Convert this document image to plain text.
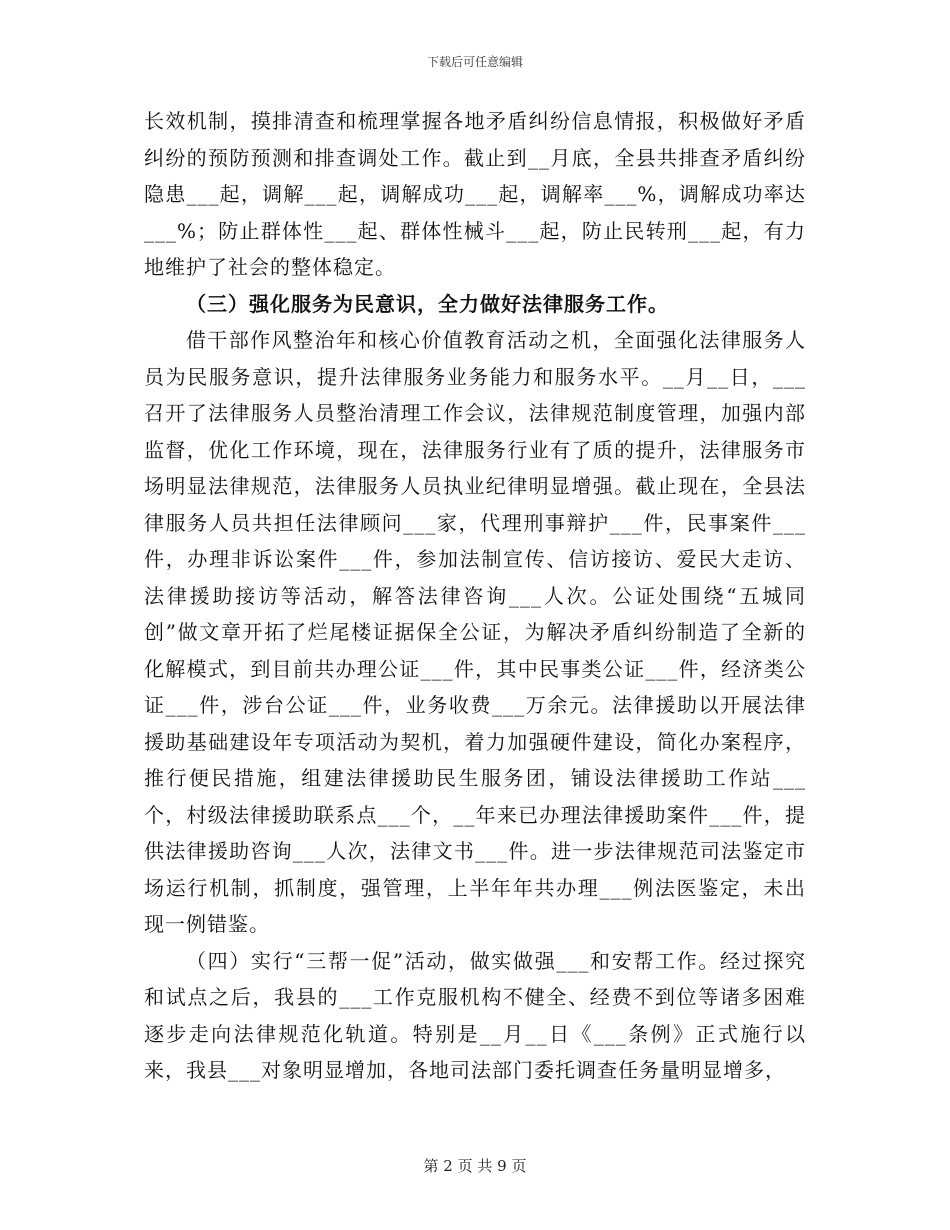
下载后可任意编辑

长效机制，摸排清查和梳理掌握各地矛盾纠纷信息情报，积极做好矛盾纠纷的预防预测和排查调处工作。截止到__月底，全县共排查矛盾纠纷隐患___起，调解___起，调解成功___起，调解率___%，调解成功率达___%；防止群体性___起、群体性械斗___起，防止民转刑___起，有力地维护了社会的整体稳定。

（三）强化服务为民意识，全力做好法律服务工作。

借干部作风整治年和核心价值教育活动之机，全面强化法律服务人员为民服务意识，提升法律服务业务能力和服务水平。__月__日，___召开了法律服务人员整治清理工作会议，法律规范制度管理，加强内部监督，优化工作环境，现在，法律服务行业有了质的提升，法律服务市场明显法律规范，法律服务人员执业纪律明显增强。截止现在，全县法律服务人员共担任法律顾问___家，代理刑事辩护___件，民事案件___件，办理非诉讼案件___件，参加法制宣传、信访接访、爱民大走访、法律援助接访等活动，解答法律咨询___人次。公证处围绕“五城同创”做文章开拓了烂尾楼证据保全公证，为解决矛盾纠纷制造了全新的化解模式，到目前共办理公证___件，其中民事类公证___件，经济类公证___件，涉台公证___件，业务收费___万余元。法律援助以开展法律援助基础建设年专项活动为契机，着力加强硬件建设，简化办案程序，推行便民措施，组建法律援助民生服务团，铺设法律援助工作站___个，村级法律援助联系点___个，__年来已办理法律援助案件___件，提供法律援助咨询___人次，法律文书___件。进一步法律规范司法鉴定市场运行机制，抓制度，强管理，上半年年共办理___例法医鉴定，未出现一例错鉴。

（四）实行“三帮一促”活动，做实做强___和安帮工作。经过探究和试点之后，我县的___工作克服机构不健全、经费不到位等诸多困难逐步走向法律规范化轨道。特别是__月__日《___条例》正式施行以来，我县___对象明显增加，各地司法部门委托调查任务量明显增多，

第 2 页 共 9 页
